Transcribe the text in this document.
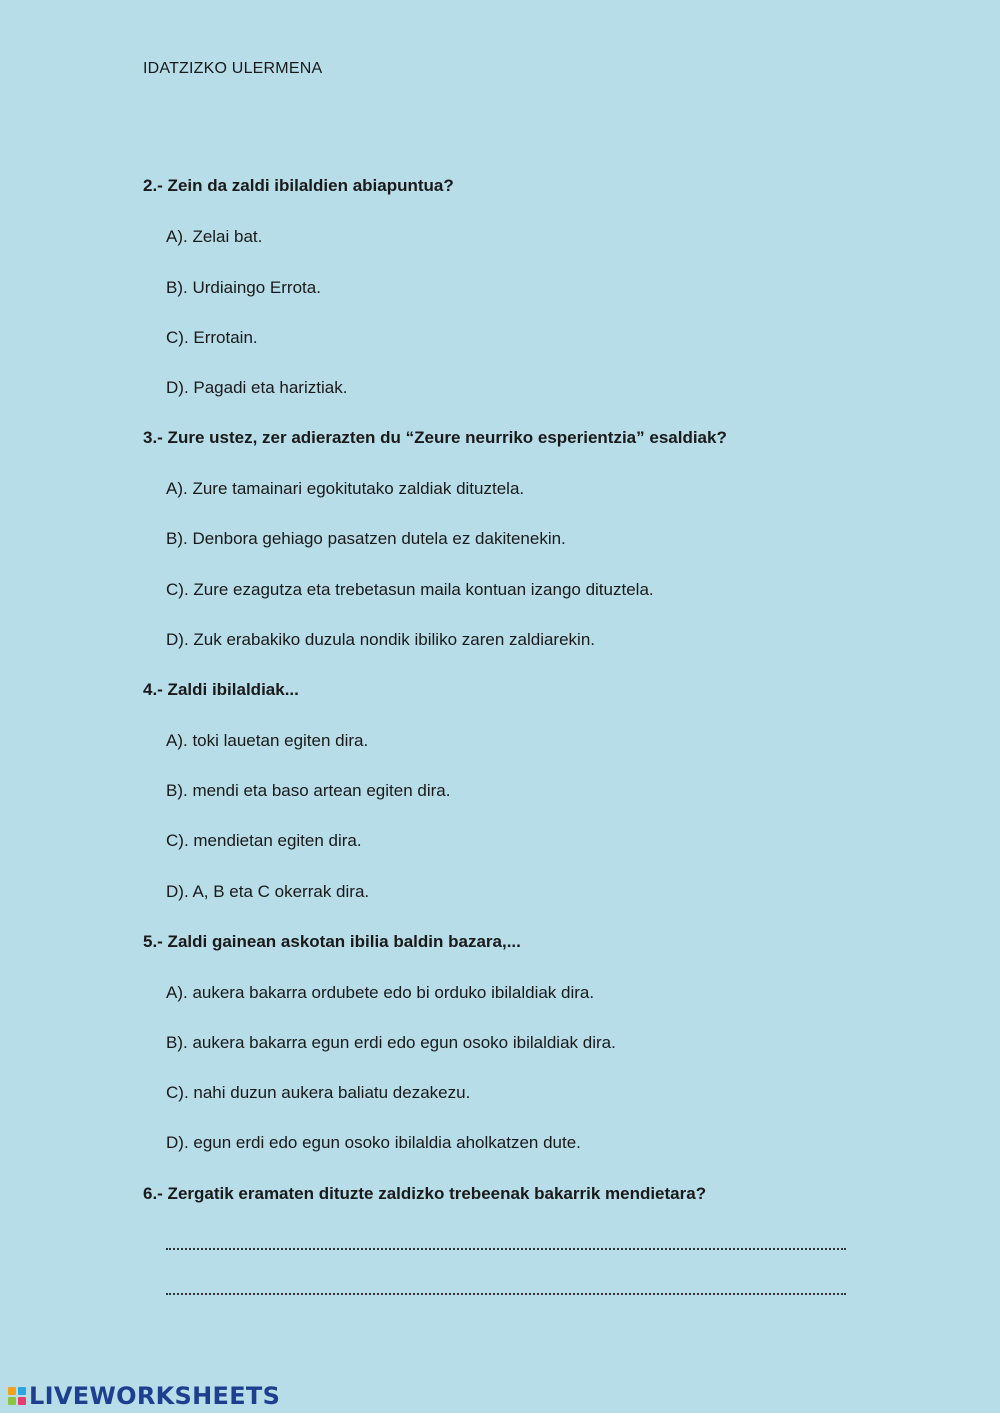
IDATZIZKO ULERMENA
2.- Zein da zaldi ibilaldien abiapuntua?
A). Zelai bat.
B). Urdiaingo Errota.
C). Errotain.
D). Pagadi eta hariztiak.
3.- Zure ustez, zer adierazten du “Zeure neurriko esperientzia” esaldiak?
A). Zure tamainari egokitutako zaldiak dituztela.
B). Denbora gehiago pasatzen dutela ez dakitenekin.
C). Zure ezagutza eta trebetasun maila kontuan izango dituztela.
D). Zuk erabakiko duzula nondik ibiliko zaren zaldiarekin.
4.- Zaldi ibilaldiak...
A). toki lauetan egiten dira.
B). mendi eta baso artean egiten dira.
C). mendietan egiten dira.
D). A, B eta C okerrak dira.
5.- Zaldi gainean askotan ibilia baldin bazara,...
A). aukera bakarra ordubete edo bi orduko ibilaldiak dira.
B). aukera bakarra egun erdi edo egun osoko ibilaldiak dira.
C). nahi duzun aukera baliatu dezakezu.
D). egun erdi edo egun osoko ibilaldia aholkatzen dute.
6.- Zergatik eramaten dituzte zaldizko trebeenak bakarrik mendietara?
LIVEWORKSHEETS
